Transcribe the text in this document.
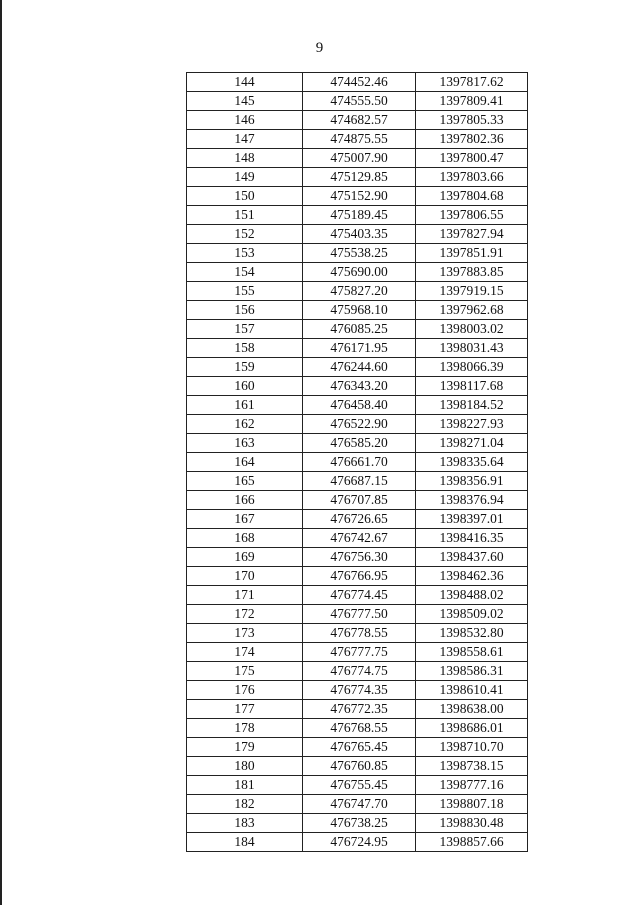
9
144	474452.46	1397817.62
145	474555.50	1397809.41
146	474682.57	1397805.33
147	474875.55	1397802.36
148	475007.90	1397800.47
149	475129.85	1397803.66
150	475152.90	1397804.68
151	475189.45	1397806.55
152	475403.35	1397827.94
153	475538.25	1397851.91
154	475690.00	1397883.85
155	475827.20	1397919.15
156	475968.10	1397962.68
157	476085.25	1398003.02
158	476171.95	1398031.43
159	476244.60	1398066.39
160	476343.20	1398117.68
161	476458.40	1398184.52
162	476522.90	1398227.93
163	476585.20	1398271.04
164	476661.70	1398335.64
165	476687.15	1398356.91
166	476707.85	1398376.94
167	476726.65	1398397.01
168	476742.67	1398416.35
169	476756.30	1398437.60
170	476766.95	1398462.36
171	476774.45	1398488.02
172	476777.50	1398509.02
173	476778.55	1398532.80
174	476777.75	1398558.61
175	476774.75	1398586.31
176	476774.35	1398610.41
177	476772.35	1398638.00
178	476768.55	1398686.01
179	476765.45	1398710.70
180	476760.85	1398738.15
181	476755.45	1398777.16
182	476747.70	1398807.18
183	476738.25	1398830.48
184	476724.95	1398857.66
